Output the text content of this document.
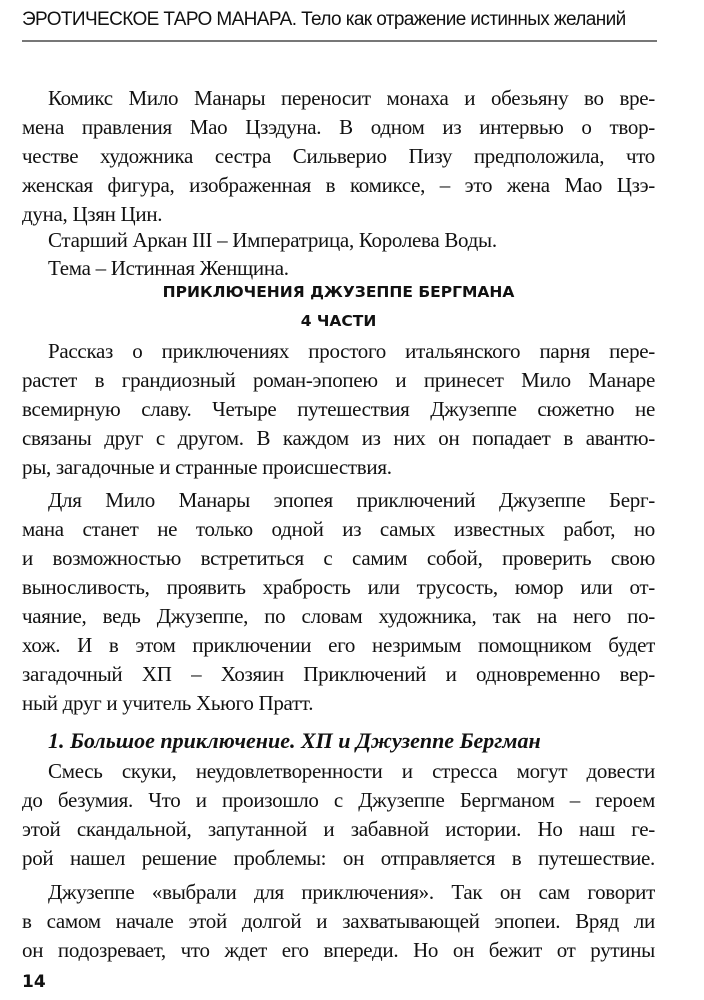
ЭРОТИЧЕСКОЕ ТАРО МАНАРА. Тело как отражение истинных желаний
Комикс Мило Манары переносит монаха и обезьяну во вре-
мена правления Мао Цзэдуна. В одном из интервью о твор-
честве художника сестра Сильверио Пизу предположила, что
женская фигура, изображенная в комиксе, – это жена Мао Цзэ-
дуна, Цзян Цин.
Старший Аркан III – Императрица, Королева Воды.
Тема – Истинная Женщина.
ПРИКЛЮЧЕНИЯ ДЖУЗЕППЕ БЕРГМАНА
4 ЧАСТИ
Рассказ о приключениях простого итальянского парня пере-
растет в грандиозный роман-эпопею и принесет Мило Манаре
всемирную славу. Четыре путешествия Джузеппе сюжетно не
связаны друг с другом. В каждом из них он попадает в авантю-
ры, загадочные и странные происшествия.
Для Мило Манары эпопея приключений Джузеппе Берг-
мана станет не только одной из самых известных работ, но
и возможностью встретиться с самим собой, проверить свою
выносливость, проявить храбрость или трусость, юмор или от-
чаяние, ведь Джузеппе, по словам художника, так на него по-
хож. И в этом приключении его незримым помощником будет
загадочный ХП – Хозяин Приключений и одновременно вер-
ный друг и учитель Хьюго Пратт.
1. Большое приключение. ХП и Джузеппе Бергман
Смесь скуки, неудовлетворенности и стресса могут довести
до безумия. Что и произошло с Джузеппе Бергманом – героем
этой скандальной, запутанной и забавной истории. Но наш ге-
рой нашел решение проблемы: он отправляется в путешествие.
Джузеппе «выбрали для приключения». Так он сам говорит
в самом начале этой долгой и захватывающей эпопеи. Вряд ли
он подозревает, что ждет его впереди. Но он бежит от рутины
14
